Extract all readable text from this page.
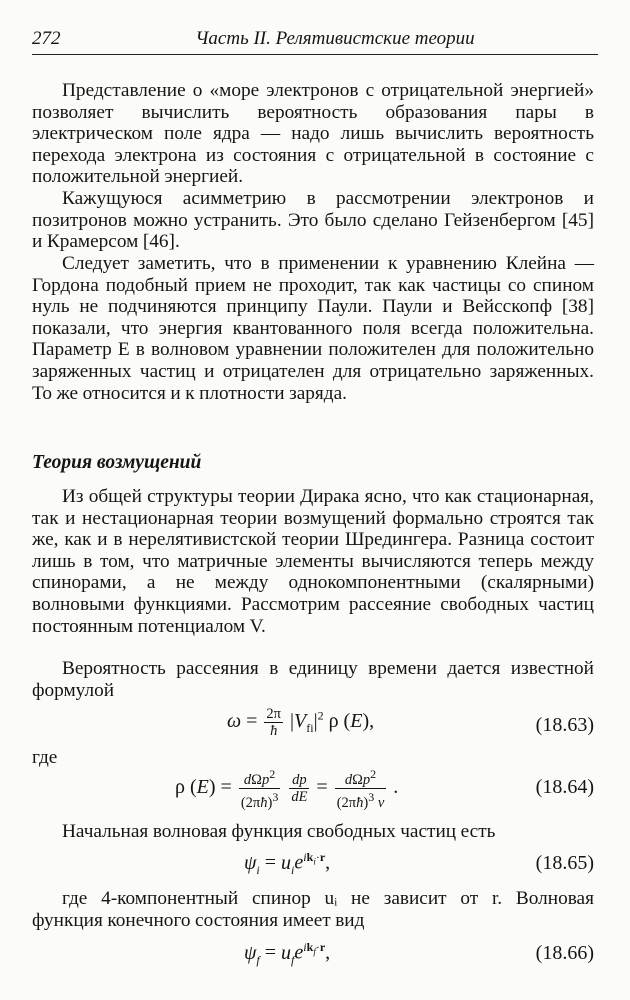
272	Часть II. Релятивистские теории

Представление о «море электронов с отрицательной энергией» позволяет вычислить вероятность образования пары в электрическом поле ядра — надо лишь вычислить вероятность перехода электрона из состояния с отрицательной в состояние с положительной энергией.

Кажущуюся асимметрию в рассмотрении электронов и позитронов можно устранить. Это было сделано Гейзенбергом [45] и Крамерсом [46].

Следует заметить, что в применении к уравнению Клейна — Гордона подобный прием не проходит, так как частицы со спином нуль не подчиняются принципу Паули. Паули и Вейсскопф [38] показали, что энергия квантованного поля всегда положительна. Параметр E в волновом уравнении положителен для положительно заряженных частиц и отрицателен для отрицательно заряженных. То же относится и к плотности заряда.

Теория возмущений

Из общей структуры теории Дирака ясно, что как стационарная, так и нестационарная теории возмущений формально строятся так же, как и в нерелятивистской теории Шредингера. Разница состоит лишь в том, что матричные элементы вычисляются теперь между спинорами, а не между однокомпонентными (скалярными) волновыми функциями. Рассмотрим рассеяние свободных частиц постоянным потенциалом V.

Вероятность рассеяния в единицу времени дается известной формулой

$\omega = \frac{2\pi}{ħ} |V_{fi}|^2$ ρ (E),	(18.63)

где

ρ $(E) = \frac{d\Omega p^2}{(2\pi ħ)^3}$
$\frac{dp}{dE} = \frac{d\Omega p^2}{(2\pi ħ)^3 v}$ .	(18.64)

Начальная волновая функция свободных частиц есть

$\psi_i = u_ie^{ik_i\cdot r}$,	(18.65)

где 4-компонентный спинор uᵢ не зависит от r. Волновая функция конечного состояния имеет вид

$\psi_f = u_fe^{ik_f\cdot r}$,	(18.66)
